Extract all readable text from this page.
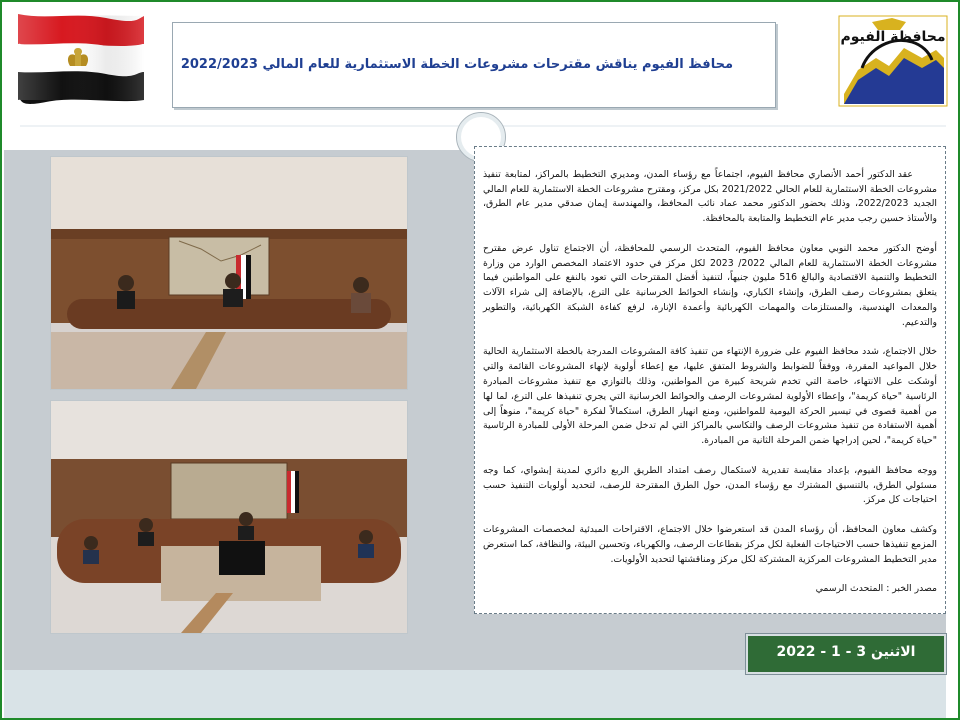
محافظة الفيوم
محافظ الفيوم يناقش مقترحات مشروعات الخطة الاستثمارية للعام المالي 2022/2023

عقد الدكتور أحمد الأنصاري محافظ الفيوم، اجتماعاً مع رؤساء المدن، ومديري التخطيط بالمراكز، لمتابعة تنفيذ مشروعات الخطة الاستثمارية للعام الحالي 2021/2022 بكل مركز، ومقترح مشروعات الخطة الاستثمارية للعام المالي الجديد 2022/2023، وذلك بحضور الدكتور محمد عماد نائب المحافظ، والمهندسة إيمان صدقي مدير عام الطرق، والأستاذ حسين رجب مدير عام التخطيط والمتابعة بالمحافظة.

أوضح الدكتور محمد النوبي معاون محافظ الفيوم، المتحدث الرسمي للمحافظة، أن الاجتماع تناول عرض مقترح مشروعات الخطة الاستثمارية للعام المالي 2022/ 2023 لكل مركز في حدود الاعتماد المخصص الوارد من وزارة التخطيط والتنمية الاقتصادية والبالغ 516 مليون جنيهاً، لتنفيذ أفضل المقترحات التي تعود بالنفع على المواطنين فيما يتعلق بمشروعات رصف الطرق، وإنشاء الكباري، وإنشاء الحوائط الخرسانية على الترع، بالإضافة إلى شراء الآلات والمعدات الهندسية، والمستلزمات والمهمات الكهربائية وأعمدة الإنارة، لرفع كفاءة الشبكة الكهربائية، والتطوير والتدعيم.

خلال الاجتماع، شدد محافظ الفيوم على ضرورة الإنتهاء من تنفيذ كافة المشروعات المدرجة بالخطة الاستثمارية الحالية خلال المواعيد المقررة، ووفقاً للضوابط والشروط المتفق عليها، مع إعطاء أولوية لإنهاء المشروعات القائمة والتي أوشكت على الانتهاء، خاصة التي تخدم شريحة كبيرة من المواطنين، وذلك بالتوازي مع تنفيذ مشروعات المبادرة الرئاسية "حياة كريمة"، وإعطاء الأولوية لمشروعات الرصف والحوائط الخرسانية التي يجري تنفيذها على الترع، لما لها من أهمية قصوى في تيسير الحركة اليومية للمواطنين، ومنع انهيار الطرق، استكمالاً لفكرة "حياة كريمة"، منوهاً إلى أهمية الاستفادة من تنفيذ مشروعات الرصف والتكاسي بالمراكز التي لم تدخل ضمن المرحلة الأولى للمبادرة الرئاسية "حياة كريمة"، لحين إدراجها ضمن المرحلة الثانية من المبادرة.

ووجه محافظ الفيوم، بإعداد مقايسة تقديرية لاستكمال رصف امتداد الطريق الربع دائري لمدينة إبشواي، كما وجه مسئولي الطرق، بالتنسيق المشترك مع رؤساء المدن، حول الطرق المقترحة للرصف، لتحديد أولويات التنفيذ حسب احتياجات كل مركز.

وكشف معاون المحافظ، أن رؤساء المدن قد استعرضوا خلال الاجتماع، الاقتراحات المبدئية لمخصصات المشروعات المزمع تنفيذها حسب الاحتياجات الفعلية لكل مركز بقطاعات الرصف، والكهرباء، وتحسين البيئة، والنظافة، كما استعرض مدير التخطيط المشروعات المركزية المشتركة لكل مركز ومناقشتها لتحديد الأولويات.

مصدر الخبر : المتحدث الرسمي

الاثنين 3 - 1 - 2022
